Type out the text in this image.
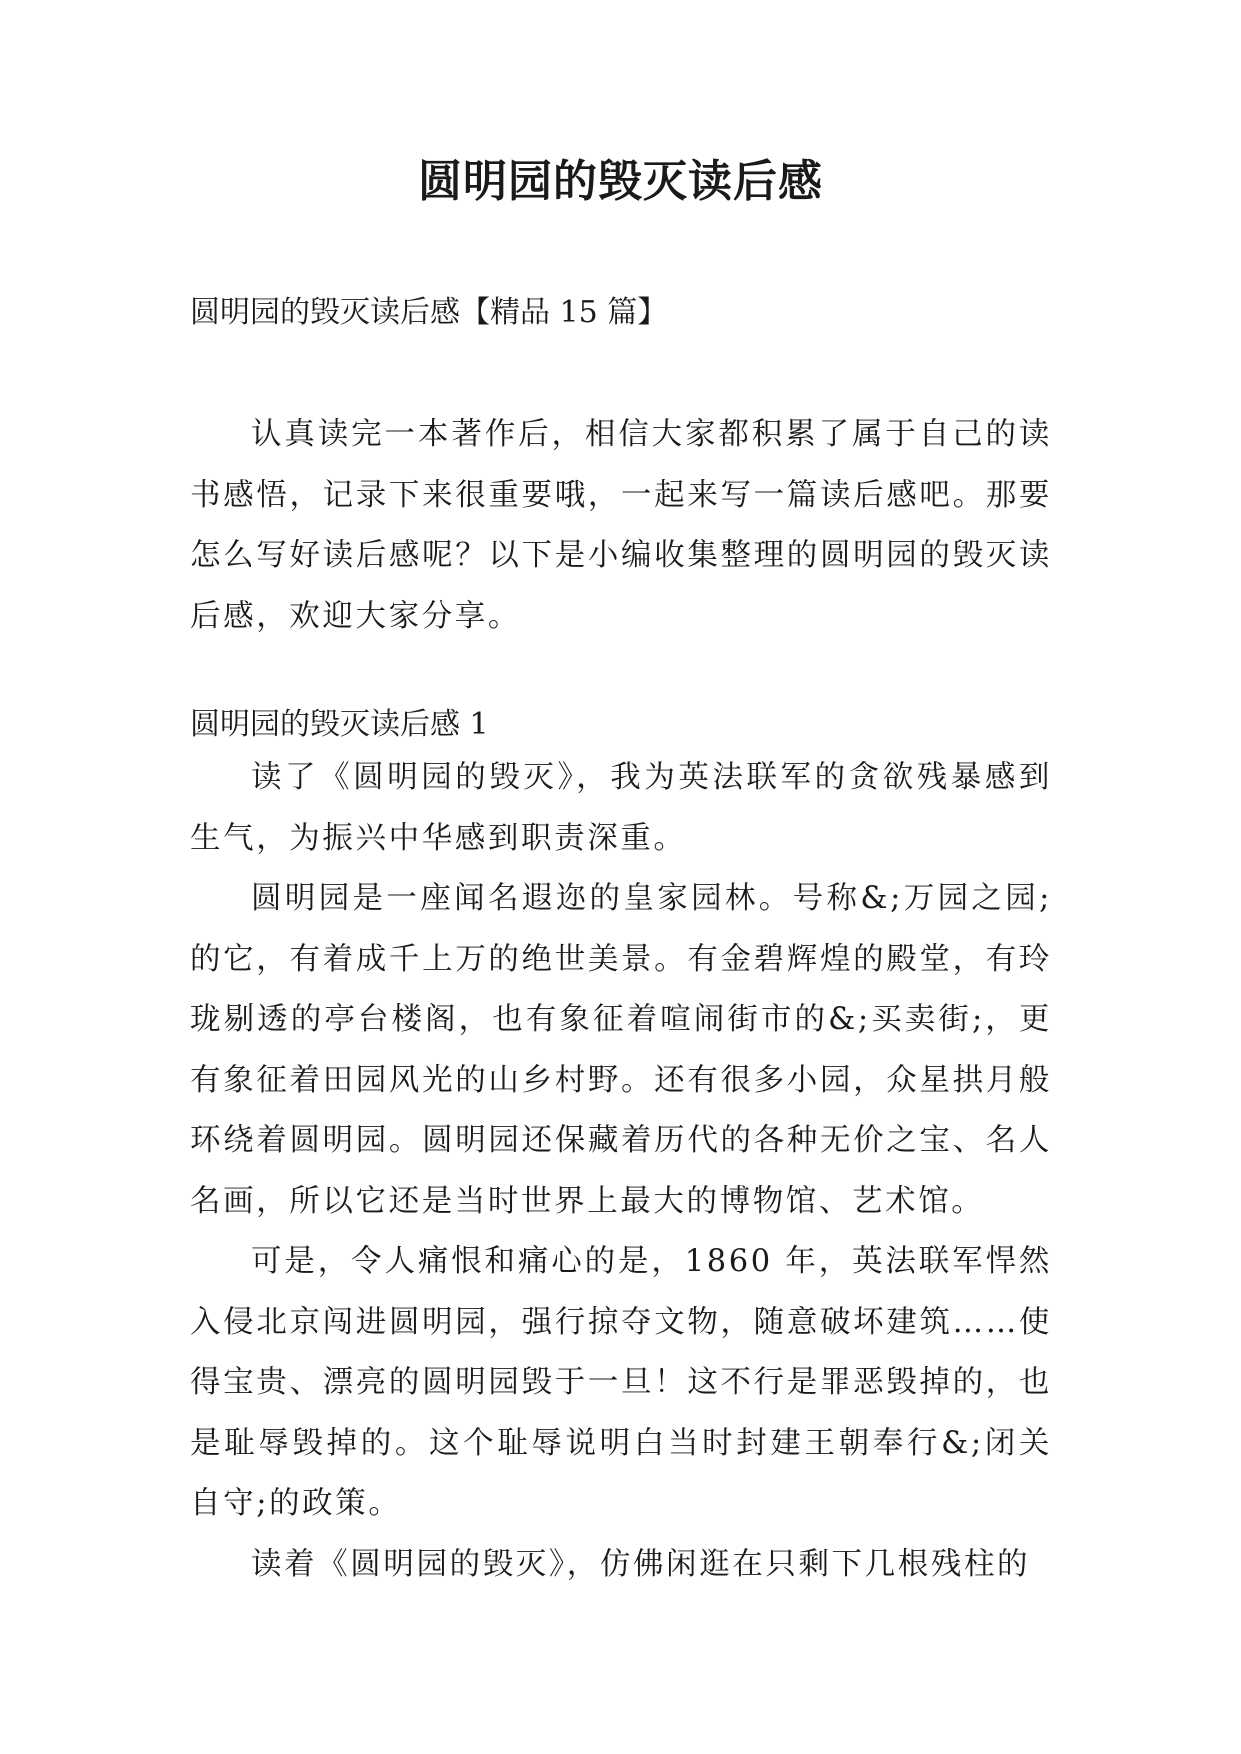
圆明园的毁灭读后感
圆明园的毁灭读后感【精品 15 篇】

认真读完一本著作后，相信大家都积累了属于自己的读书感悟，记录下来很重要哦，一起来写一篇读后感吧。那要怎么写好读后感呢？以下是小编收集整理的圆明园的毁灭读后感，欢迎大家分享。

圆明园的毁灭读后感 1

读了《圆明园的毁灭》，我为英法联军的贪欲残暴感到生气，为振兴中华感到职责深重。

圆明园是一座闻名遐迩的皇家园林。号称&;万园之园;的它，有着成千上万的绝世美景。有金碧辉煌的殿堂，有玲珑剔透的亭台楼阁，也有象征着喧闹街市的&;买卖街;，更有象征着田园风光的山乡村野。还有很多小园，众星拱月般环绕着圆明园。圆明园还保藏着历代的各种无价之宝、名人名画，所以它还是当时世界上最大的博物馆、艺术馆。

可是，令人痛恨和痛心的是，1860 年，英法联军悍然入侵北京闯进圆明园，强行掠夺文物，随意破坏建筑……使得宝贵、漂亮的圆明园毁于一旦！这不行是罪恶毁掉的，也是耻辱毁掉的。这个耻辱说明白当时封建王朝奉行&;闭关自守;的政策。

读着《圆明园的毁灭》，仿佛闲逛在只剩下几根残柱的
